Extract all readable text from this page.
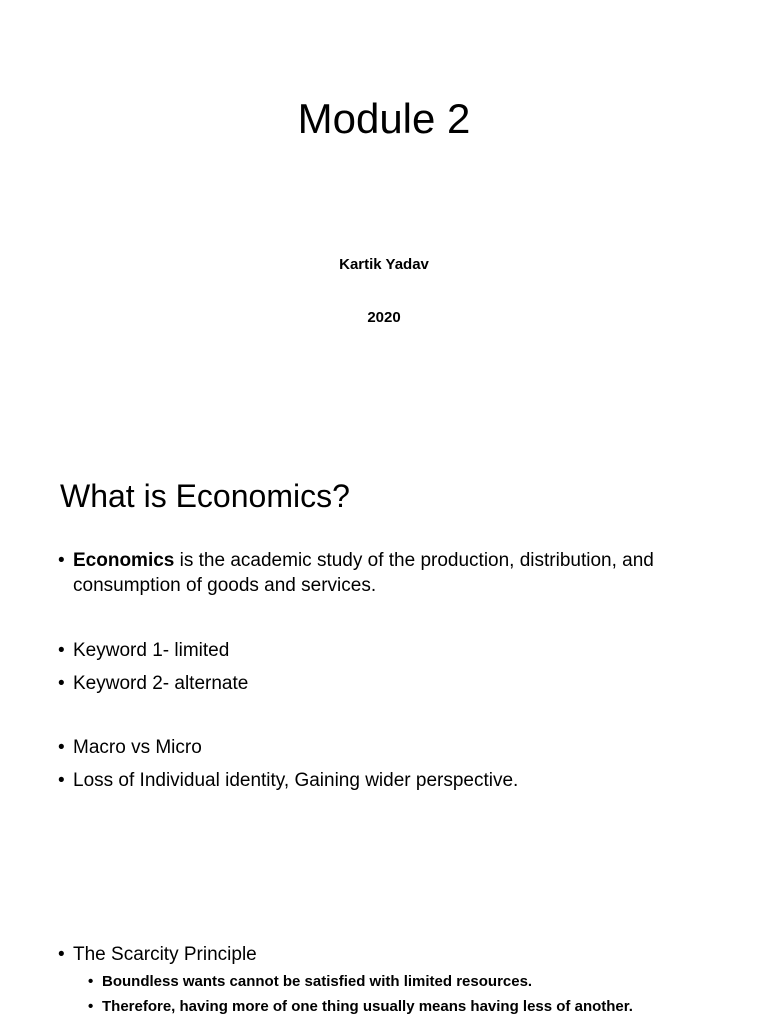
Module 2
Kartik Yadav
2020
What is Economics?
• Economics is the academic study of the production, distribution, and consumption of goods and services.
• Keyword 1- limited
• Keyword 2- alternate
• Macro vs Micro
• Loss of Individual identity, Gaining wider perspective.
• The Scarcity Principle
• Boundless wants cannot be satisfied with limited resources.
• Therefore, having more of one thing usually means having less of another.
